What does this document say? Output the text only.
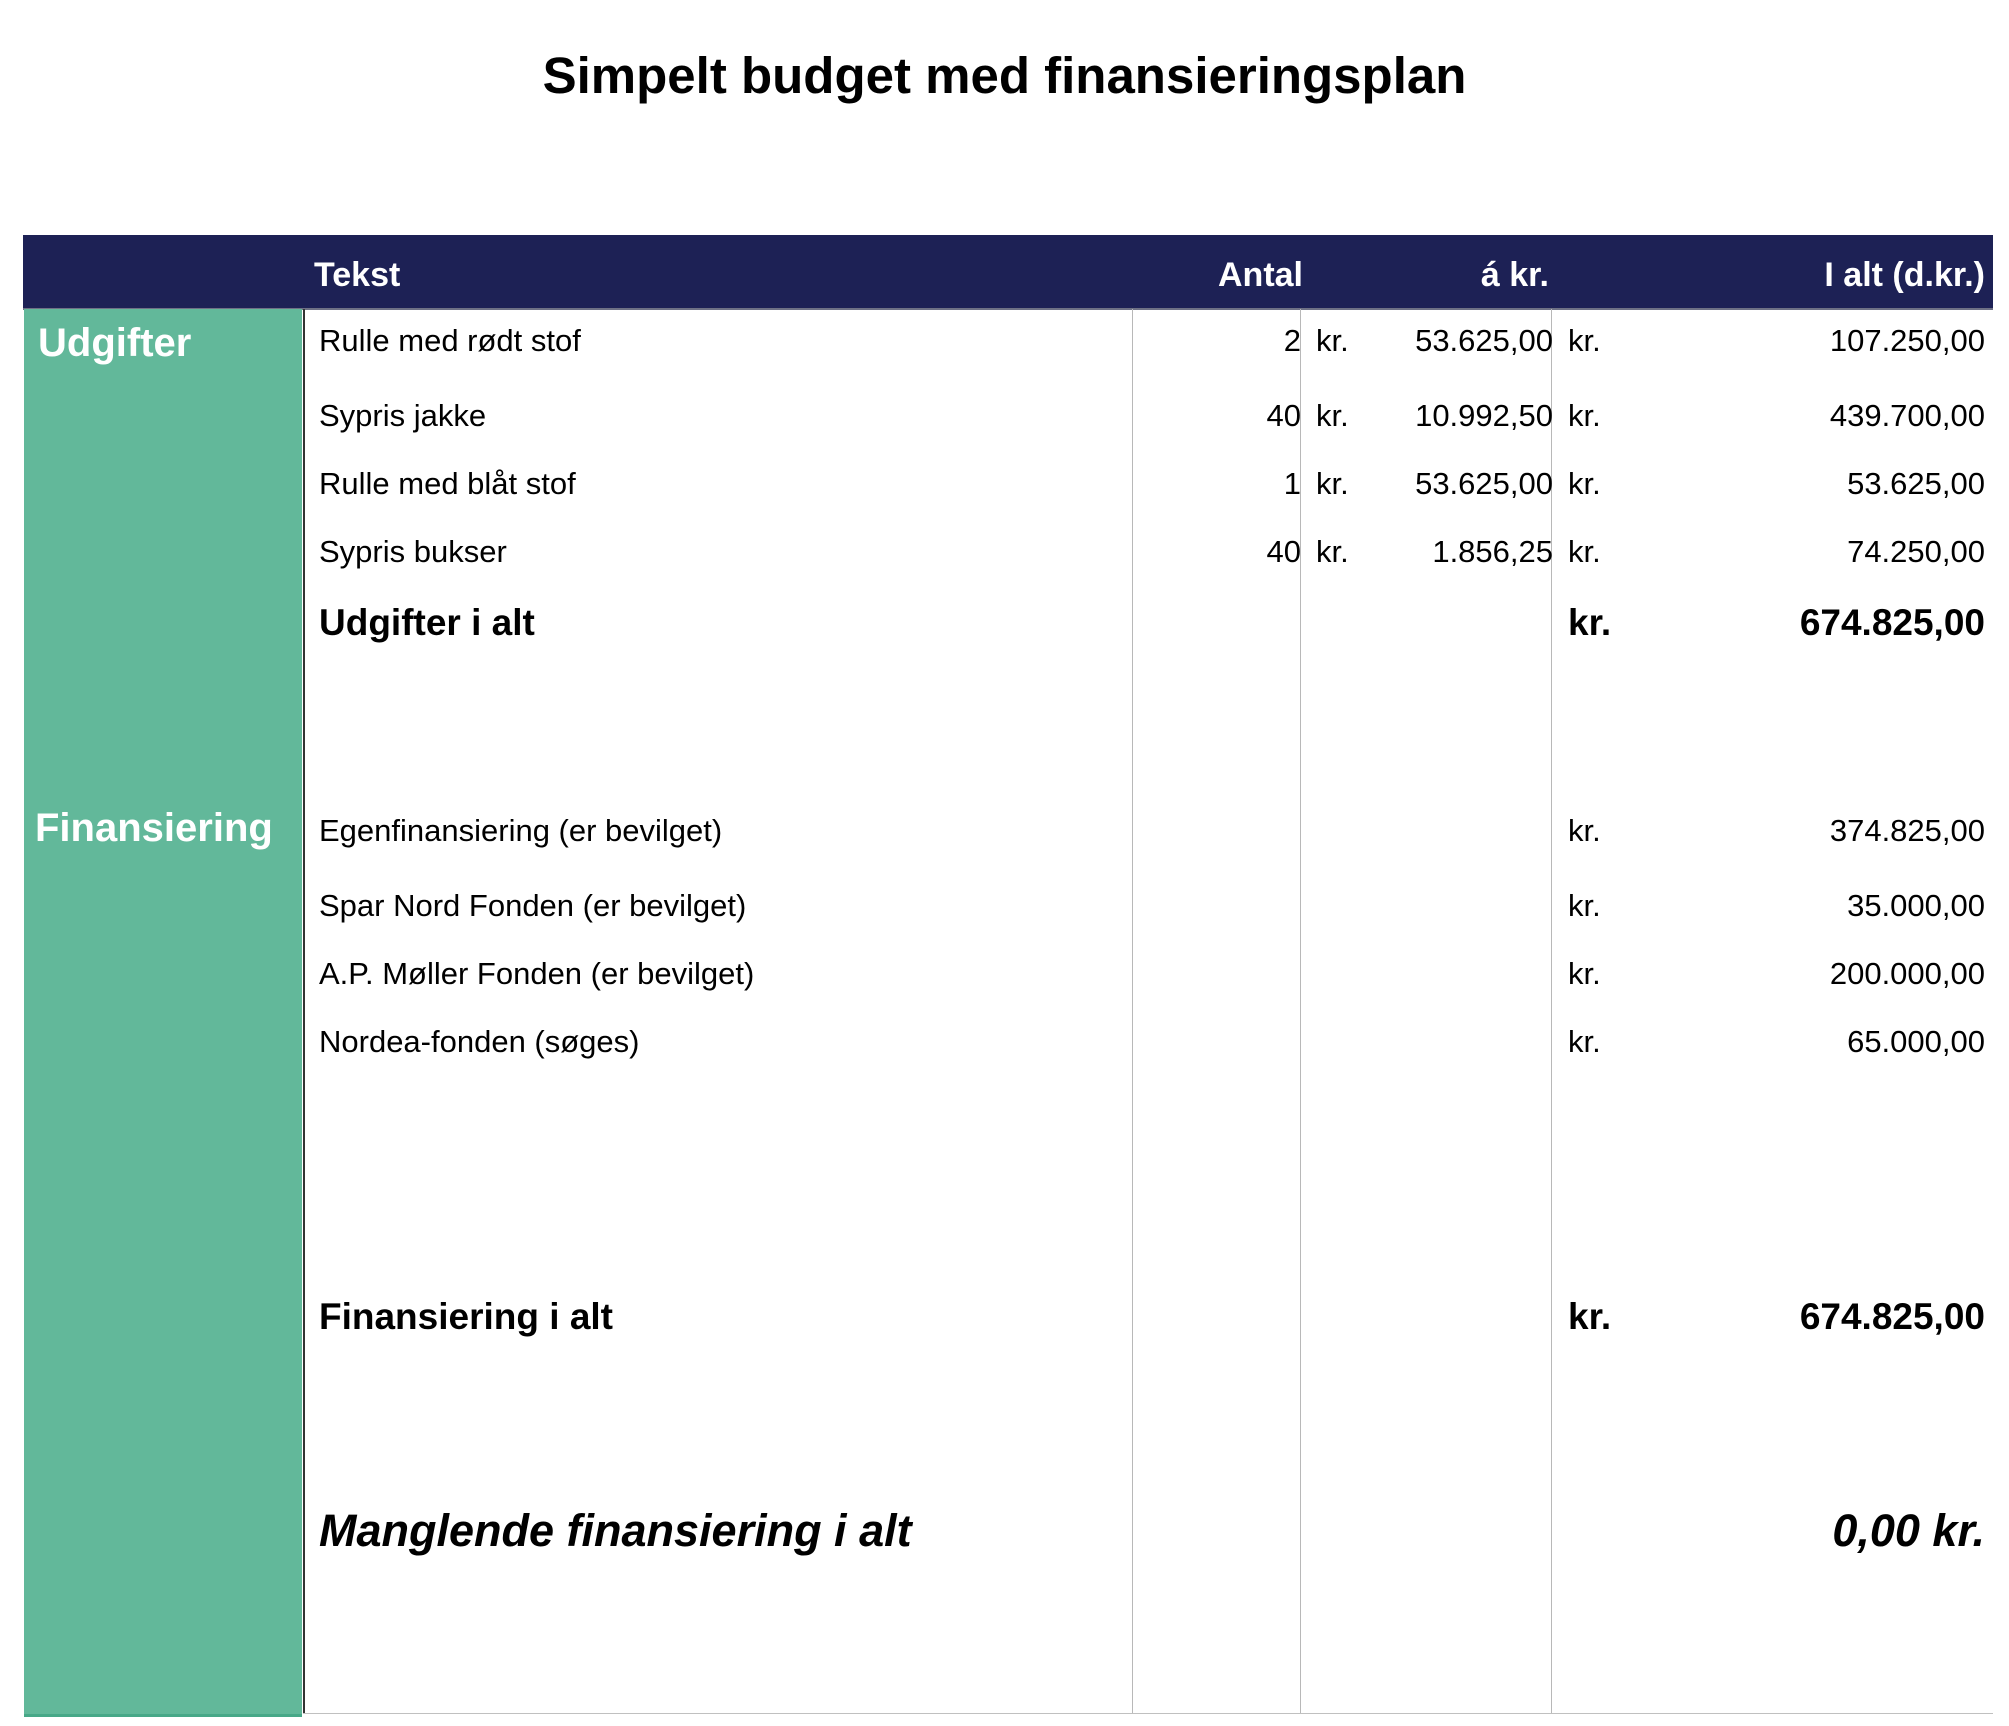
Simpelt budget med finansieringsplan
Tekst	Antal	á kr.	I alt (d.kr.)
Udgifter
Finansiering
Rulle med rødt stof	2 kr. 53.625,00 kr.	107.250,00
Sypris jakke	40 kr. 10.992,50 kr.	439.700,00
Rulle med blåt stof	1 kr. 53.625,00 kr.	53.625,00
Sypris bukser	40 kr.	1.856,25 kr.	74.250,00
Udgifter i alt	kr.	674.825,00
Egenfinansiering (er bevilget)	kr.	374.825,00
Spar Nord Fonden (er bevilget)	kr.	35.000,00
A.P. Møller Fonden (er bevilget)	kr.	200.000,00
Nordea-fonden (søges)	kr.	65.000,00
Finansiering i alt	kr.	674.825,00
Manglende finansiering i alt	0,00 kr.
